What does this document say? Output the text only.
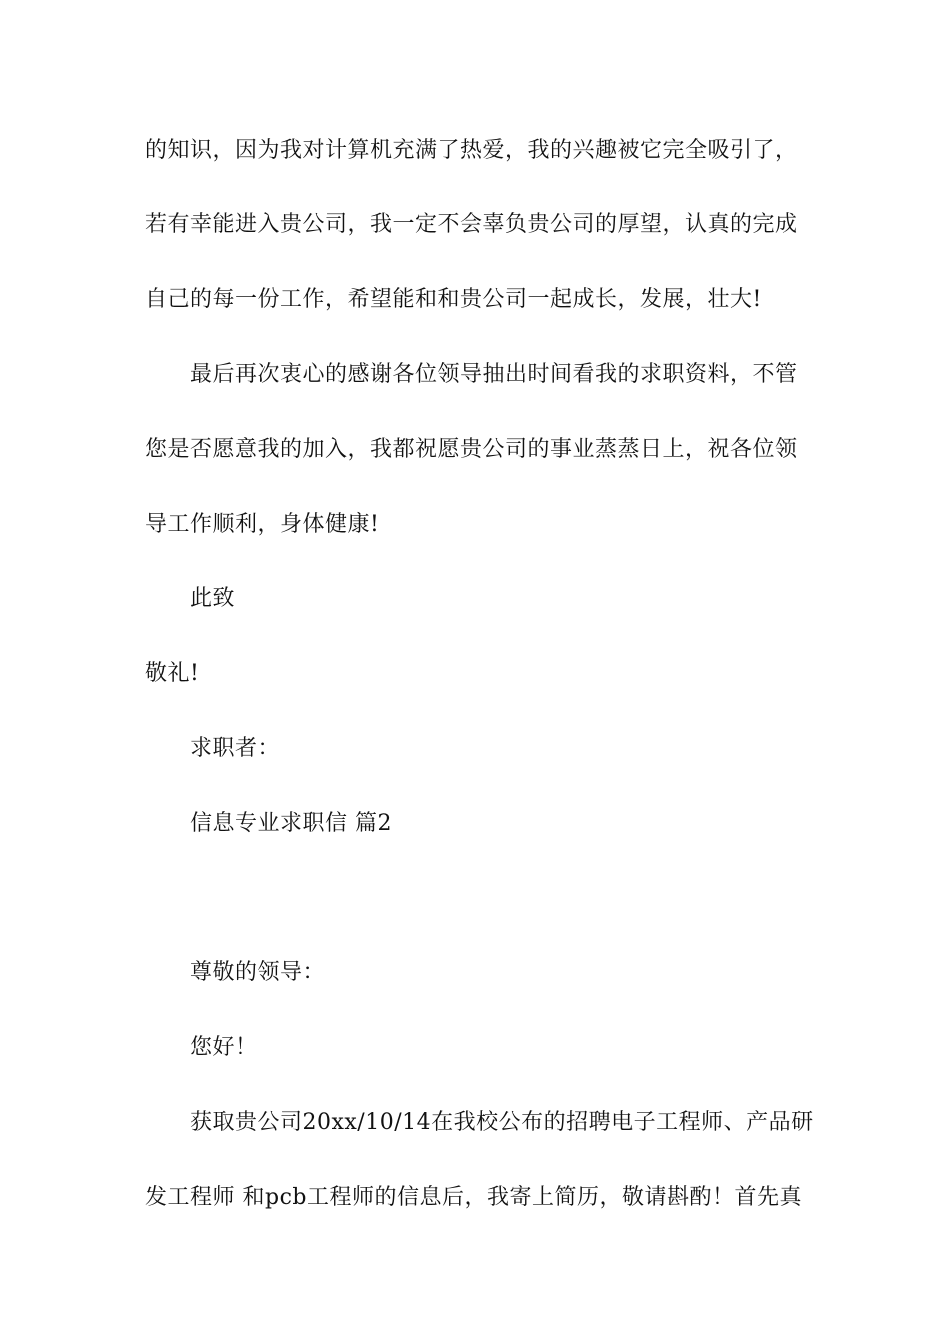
的知识，因为我对计算机充满了热爱，我的兴趣被它完全吸引了，
若有幸能进入贵公司，我一定不会辜负贵公司的厚望，认真的完成
自己的每一份工作，希望能和和贵公司一起成长，发展，壮大!
最后再次衷心的感谢各位领导抽出时间看我的求职资料，不管
您是否愿意我的加入，我都祝愿贵公司的事业蒸蒸日上，祝各位领
导工作顺利，身体健康!
此致
敬礼!
求职者：
信息专业求职信 篇2
尊敬的领导：
您好！
获取贵公司20xx/10/14在我校公布的招聘电子工程师、产品研
发工程师 和pcb工程师的信息后，我寄上简历，敬请斟酌！首先真
